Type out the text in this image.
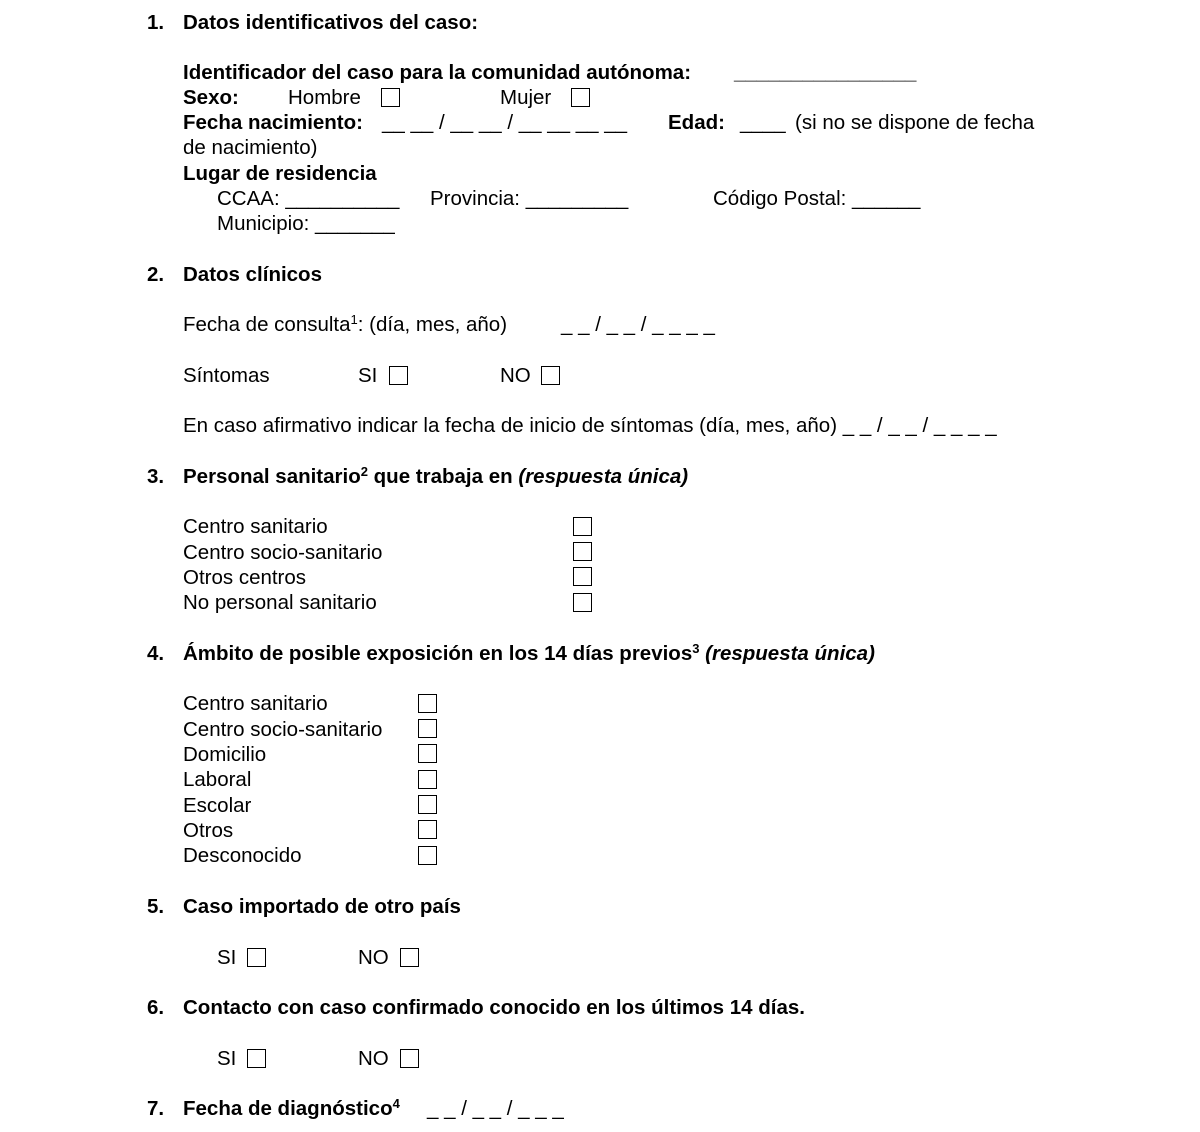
1. Datos identificativos del caso:
Identificador del caso para la comunidad autónoma: ________________
Sexo: Hombre	Mujer
Fecha nacimiento: __ __ / __ __ / __ __ __ __ Edad: ____ (si no se dispone de fecha
de nacimiento)
Lugar de residencia
CCAA: __________ Provincia: _________	Código Postal: ______
Municipio: _______
2. Datos clínicos
Fecha de consulta$^1$: (día, mes, año)	_ _ / _ _ / _ _ _ _
Síntomas	SI	NO
En caso afirmativo indicar la fecha de inicio de síntomas (día, mes, año) _ _ / _ _ / _ _ _ _
3. Personal sanitario$^2$ que trabaja en (respuesta única)
Centro sanitario
Centro socio-sanitario
Otros centros
No personal sanitario
4. Ámbito de posible exposición en los 14 días previos$^3$ (respuesta única)
Centro sanitario
Centro socio-sanitario
Domicilio
Laboral
Escolar
Otros
Desconocido
5. Caso importado de otro país
SI	NO
6. Contacto con caso confirmado conocido en los últimos 14 días.
SI	NO
7. Fecha de diagnóstico$^4$ _ _ / _ _ / _ _ _
